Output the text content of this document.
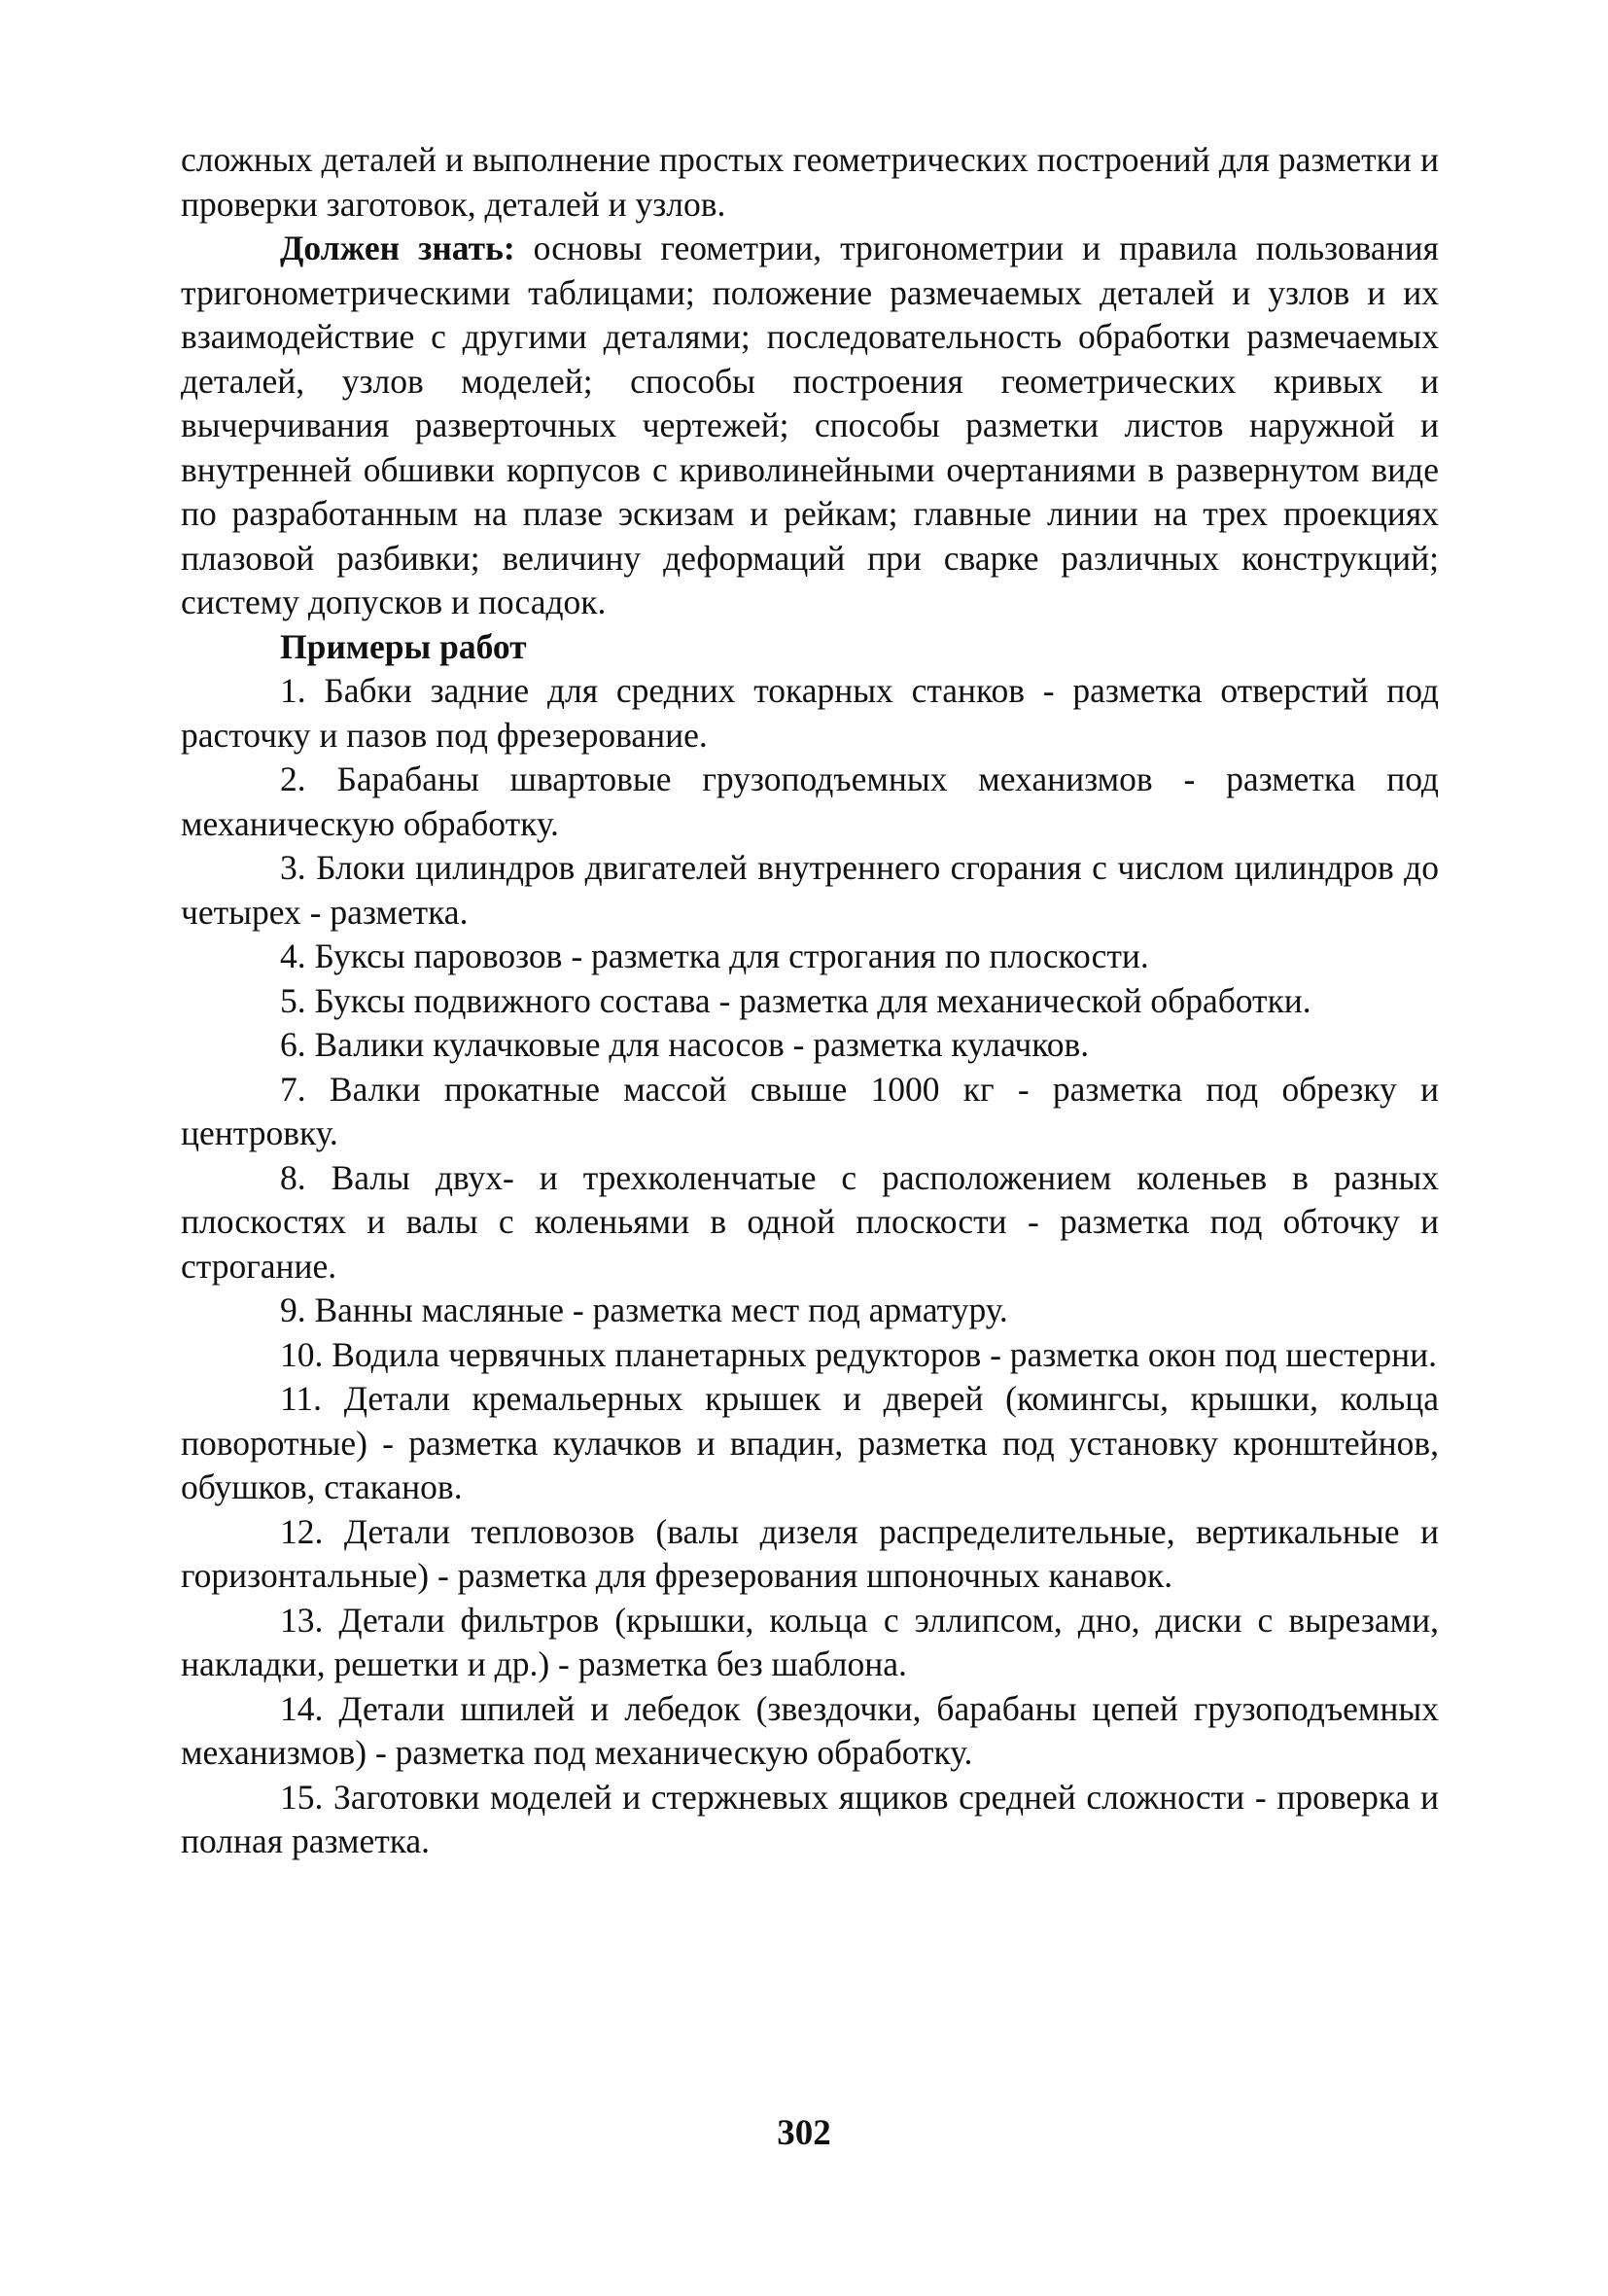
сложных деталей и выполнение простых геометрических построений для разметки и проверки заготовок, деталей и узлов.

Должен знать: основы геометрии, тригонометрии и правила пользования тригонометрическими таблицами; положение размечаемых деталей и узлов и их взаимодействие с другими деталями; последовательность обработки размечаемых деталей, узлов моделей; способы построения геометрических кривых и вычерчивания разверточных чертежей; способы разметки листов наружной и внутренней обшивки корпусов с криволинейными очертаниями в развернутом виде по разработанным на плазе эскизам и рейкам; главные линии на трех проекциях плазовой разбивки; величину деформаций при сварке различных конструкций; систему допусков и посадок.

Примеры работ
1. Бабки задние для средних токарных станков - разметка отверстий под расточку и пазов под фрезерование.
2. Барабаны швартовые грузоподъемных механизмов - разметка под механическую обработку.
3. Блоки цилиндров двигателей внутреннего сгорания с числом цилиндров до четырех - разметка.
4. Буксы паровозов - разметка для строгания по плоскости.
5. Буксы подвижного состава - разметка для механической обработки.
6. Валики кулачковые для насосов - разметка кулачков.
7. Валки прокатные массой свыше 1000 кг - разметка под обрезку и центровку.
8. Валы двух- и трехколенчатые с расположением коленьев в разных плоскостях и валы с коленьями в одной плоскости - разметка под обточку и строгание.
9. Ванны масляные - разметка мест под арматуру.
10. Водила червячных планетарных редукторов - разметка окон под шестерни.
11. Детали кремальерных крышек и дверей (комингсы, крышки, кольца поворотные) - разметка кулачков и впадин, разметка под установку кронштейнов, обушков, стаканов.
12. Детали тепловозов (валы дизеля распределительные, вертикальные и горизонтальные) - разметка для фрезерования шпоночных канавок.
13. Детали фильтров (крышки, кольца с эллипсом, дно, диски с вырезами, накладки, решетки и др.) - разметка без шаблона.
14. Детали шпилей и лебедок (звездочки, барабаны цепей грузоподъемных механизмов) - разметка под механическую обработку.
15. Заготовки моделей и стержневых ящиков средней сложности - проверка и полная разметка.

302
